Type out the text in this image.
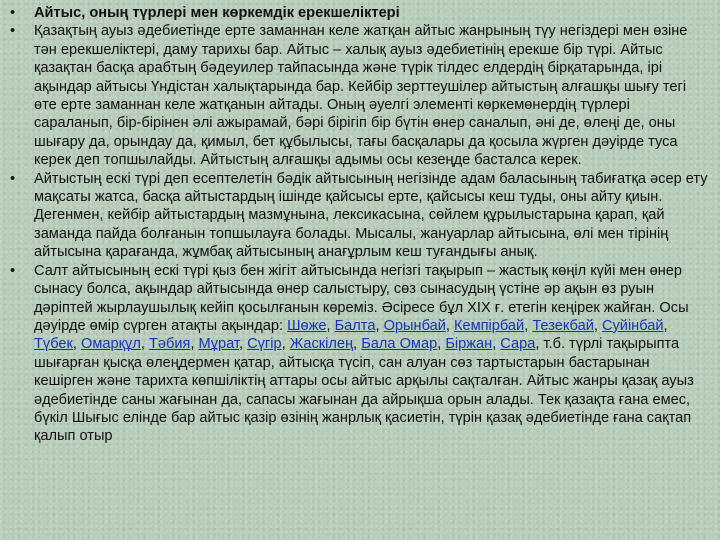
• Айтыс, оның түрлері мен көркемдік ерекшеліктері
• Қазақтың ауыз әдебиетінде ерте заманнан келе жатқан айтыс жанрының түу негіздері мен өзіне тән ерекшеліктері, даму тарихы бар. Айтыс – халық ауыз әдебиетінің ерекше бір түрі. Айтыс қазақтан басқа арабтың бәдеуилер тайпасында және түрік тілдес елдердің бірқатарында, ірі ақындар айтысы Үндістан халықтарында бар. Кейбір зерттеушілер айтыстың алғашқы шығу тегі өте ерте заманнан келе жатқанын айтады. Оның әуелгі элементі көркемөнердің түрлері сараланып, бір-бірінен әлі ажырамай, бәрі бірігіп бір бүтін өнер саналып, әні де, өлеңі де, оны шығару да, орындау да, қимыл, бет құбылысы, тағы басқалары да қосыла жүрген дәуірде туса керек деп топшылайды. Айтыстың алғашқы адымы осы кезеңде басталса керек.
• Айтыстың ескі түрі деп есептелетін бәдік айтысының негізінде адам баласының табиғатқа әсер ету мақсаты жатса, басқа айтыстардың ішінде қайсысы ерте, қайсысы кеш туды, оны айту қиын. Дегенмен, кейбір айтыстардың мазмұнына, лексикасына, сөйлем құрылыстарына қарап, қай заманда пайда болғанын топшылауға болады. Мысалы, жануарлар айтысына, өлі мен тірінің айтысына қарағанда, жұмбақ айтысының анағұрлым кеш туғандығы анық.
• Салт айтысының ескі түрі қыз бен жігіт айтысында негізгі тақырып – жастық көңіл күйі мен өнер сынасу болса, ақындар айтысында өнер салыстыру, сөз сынасудың үстіне әр ақын өз руын дәріптей жырлаушылық кейіп қосылғанын көреміз. Әсіресе бұл ХІХ ғ. етегін кеңірек жайған. Осы дәуірде өмір сүрген атақты ақындар: Шөже, Балта, Орынбай, Кемпірбай, Тезекбай, Суйінбай, Түбек, Омарқұл, Тәбия, Мұрат, Сүгір, Жаскілең, Бала Омар, Біржан, Сара, т.б. түрлі тақырыпта шығарған қысқа өлеңдермен қатар, айтысқа түсіп, сан алуан сөз тартыстарын бастарынан кешірген және тарихта көпшіліктің аттары осы айтыс арқылы сақталған. Айтыс жанры қазақ ауыз әдебиетінде саны жағынан да, сапасы жағынан да айрықша орын алады. Тек қазақта ғана емес, бүкіл Шығыс елінде бар айтыс қазір өзінің жанрлық қасиетін, түрін қазақ әдебиетінде ғана сақтап қалып отыр
